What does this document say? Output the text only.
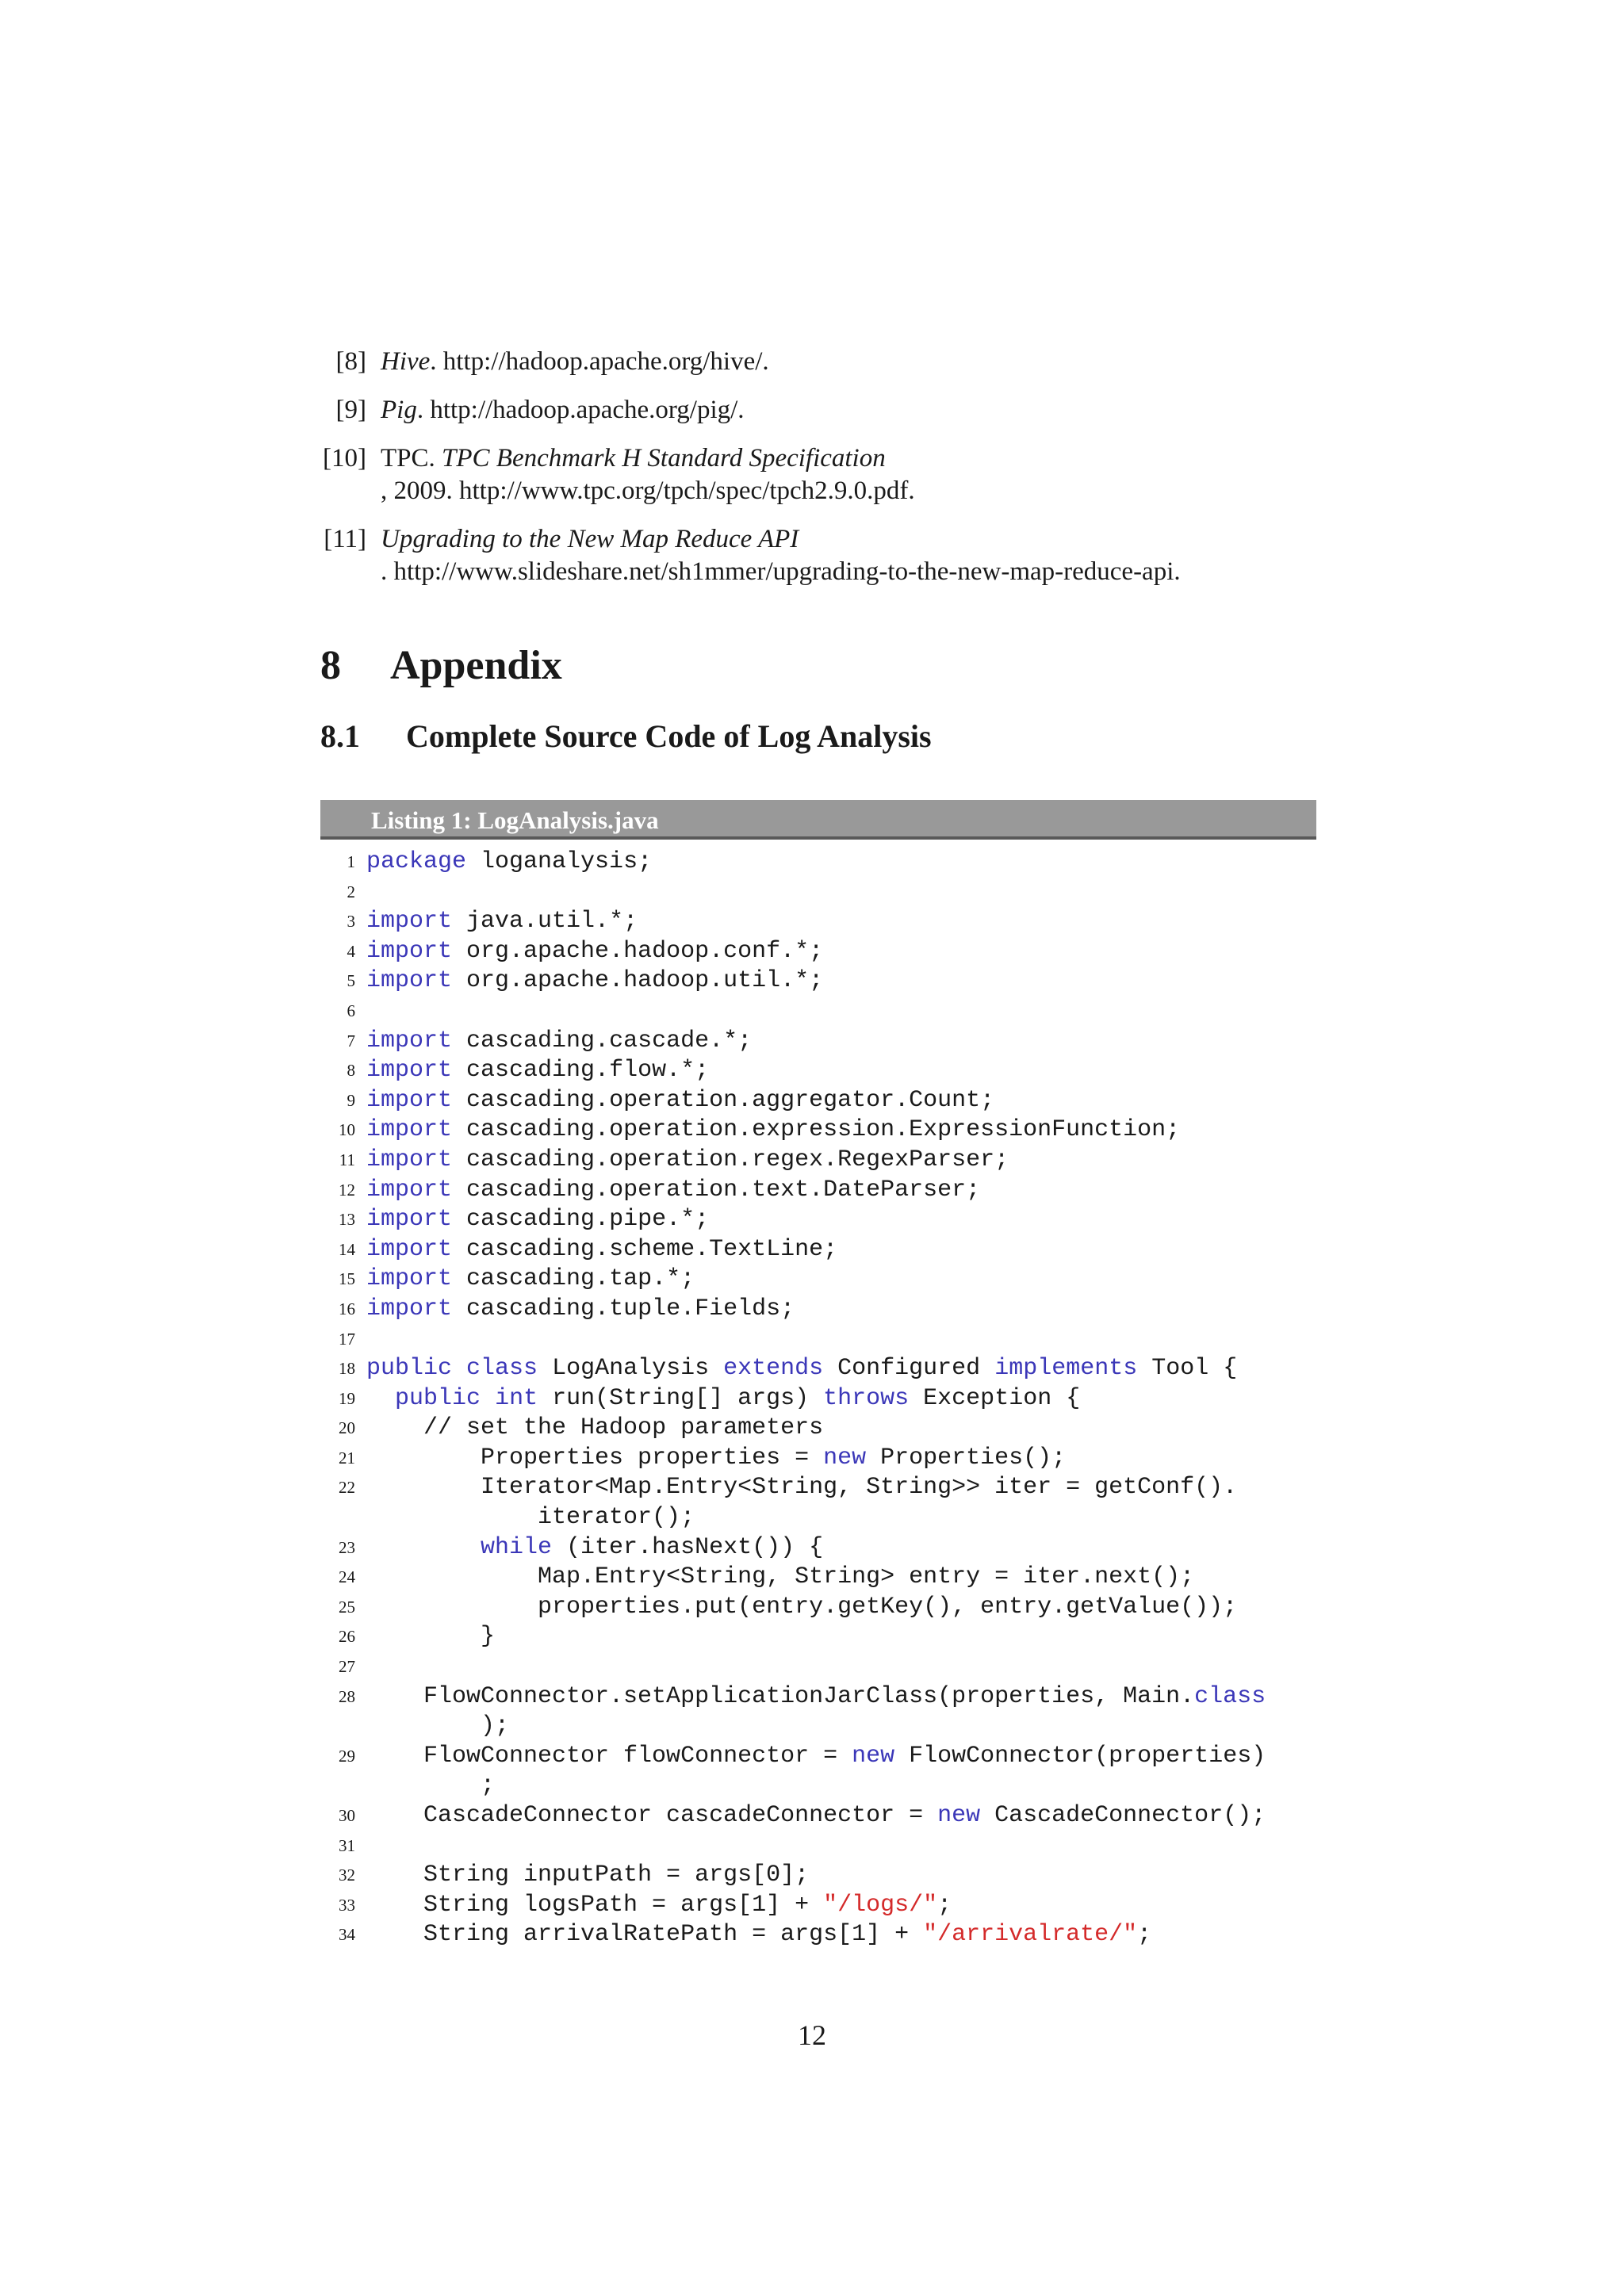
[8] Hive. http://hadoop.apache.org/hive/.
[9] Pig. http://hadoop.apache.org/pig/.
[10] TPC. TPC Benchmark H Standard Specification
, 2009. http://www.tpc.org/tpch/spec/tpch2.9.0.pdf.
[11] Upgrading to the New Map Reduce API
. http://www.slideshare.net/sh1mmer/upgrading-to-the-new-map-reduce-api.
8 Appendix
8.1 Complete Source Code of Log Analysis
Listing 1: LogAnalysis.java
1 package loganalysis;
2
3 import java.util.*;
4 import org.apache.hadoop.conf.*;
5 import org.apache.hadoop.util.*;
6
7 import cascading.cascade.*;
8 import cascading.flow.*;
9 import cascading.operation.aggregator.Count;
10 import cascading.operation.expression.ExpressionFunction;
11 import cascading.operation.regex.RegexParser;
12 import cascading.operation.text.DateParser;
13 import cascading.pipe.*;
14 import cascading.scheme.TextLine;
15 import cascading.tap.*;
16 import cascading.tuple.Fields;
17
18 public class LogAnalysis extends Configured implements Tool {
19 public int run(String[] args) throws Exception {
20	// set the Hadoop parameters
21 Properties properties = new Properties();
22	Iterator<Map.Entry<String, String>> iter = getConf().
iterator();
23	while (iter.hasNext()) {
24 Map.Entry<String, String> entry = iter.next();
25 properties.put(entry.getKey(), entry.getValue());
26 }
27
28 FlowConnector.setApplicationJarClass(properties, Main.class
);
29 FlowConnector flowConnector = new FlowConnector(properties)
;
30 CascadeConnector cascadeConnector = new CascadeConnector();
31
32 String inputPath = args[0];
33 String logsPath = args[1] + "/logs/";
34 String arrivalRatePath = args[1] + "/arrivalrate/";
12
